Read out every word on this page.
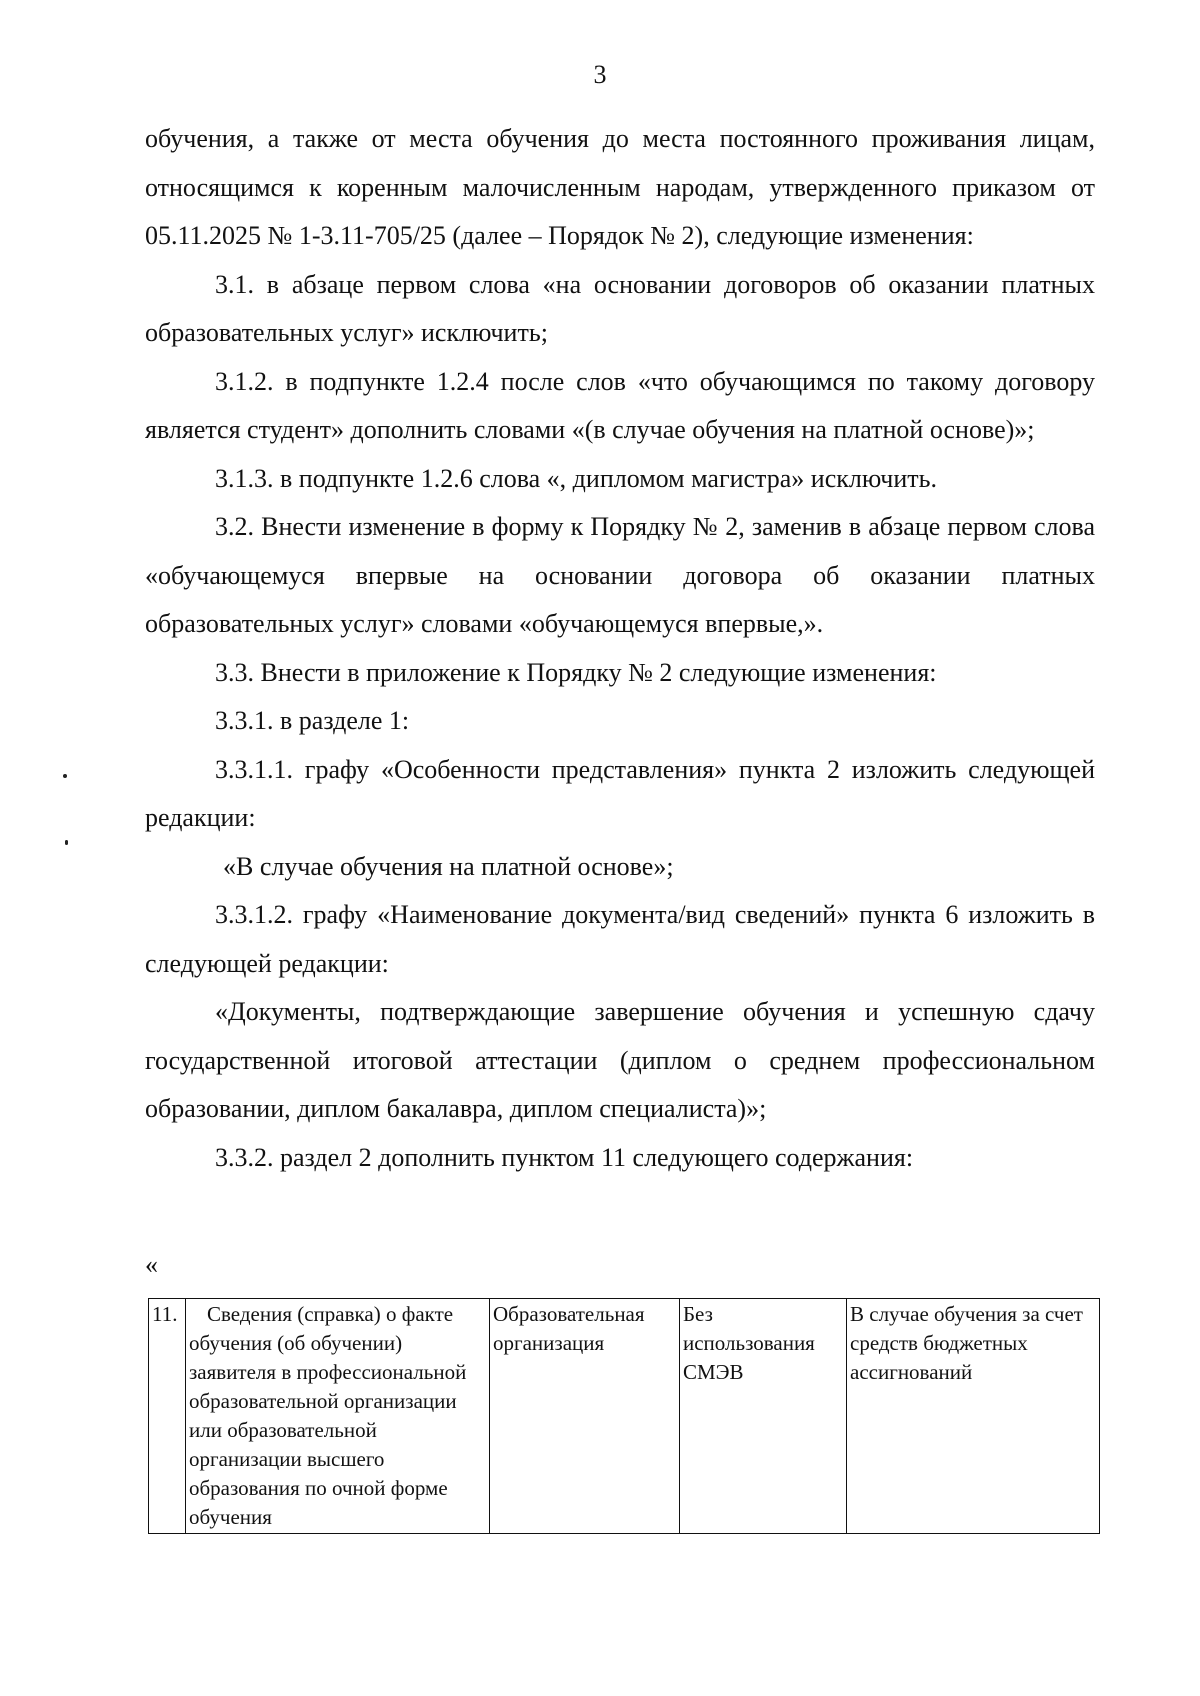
3

обучения, а также от места обучения до места постоянного проживания лицам, относящимся к коренным малочисленным народам, утвержденного приказом от 05.11.2025 № 1-3.11-705/25 (далее – Порядок № 2), следующие изменения:

3.1. в абзаце первом слова «на основании договоров об оказании платных образовательных услуг» исключить;

3.1.2. в подпункте 1.2.4 после слов «что обучающимся по такому договору является студент» дополнить словами «(в случае обучения на платной основе)»;

3.1.3. в подпункте 1.2.6 слова «, дипломом магистра» исключить.

3.2. Внести изменение в форму к Порядку № 2, заменив в абзаце первом слова «обучающемуся впервые на основании договора об оказании платных образовательных услуг» словами «обучающемуся впервые,».

3.3. Внести в приложение к Порядку № 2 следующие изменения:

3.3.1. в разделе 1:

3.3.1.1. графу «Особенности представления» пункта 2 изложить следующей редакции:

«В случае обучения на платной основе»;

3.3.1.2. графу «Наименование документа/вид сведений» пункта 6 изложить в следующей редакции:

«Документы, подтверждающие завершение обучения и успешную сдачу государственной итоговой аттестации (диплом о среднем профессиональном образовании, диплом бакалавра, диплом специалиста)»;

3.3.2. раздел 2 дополнить пунктом 11 следующего содержания:

«
11.	Сведения (справка) о факте обучения (об обучении) заявителя в профессиональной образовательной организации или образовательной организации высшего образования по очной форме обучения	Образовательная организация	Без использования СМЭВ	В случае обучения за счет средств бюджетных ассигнований
